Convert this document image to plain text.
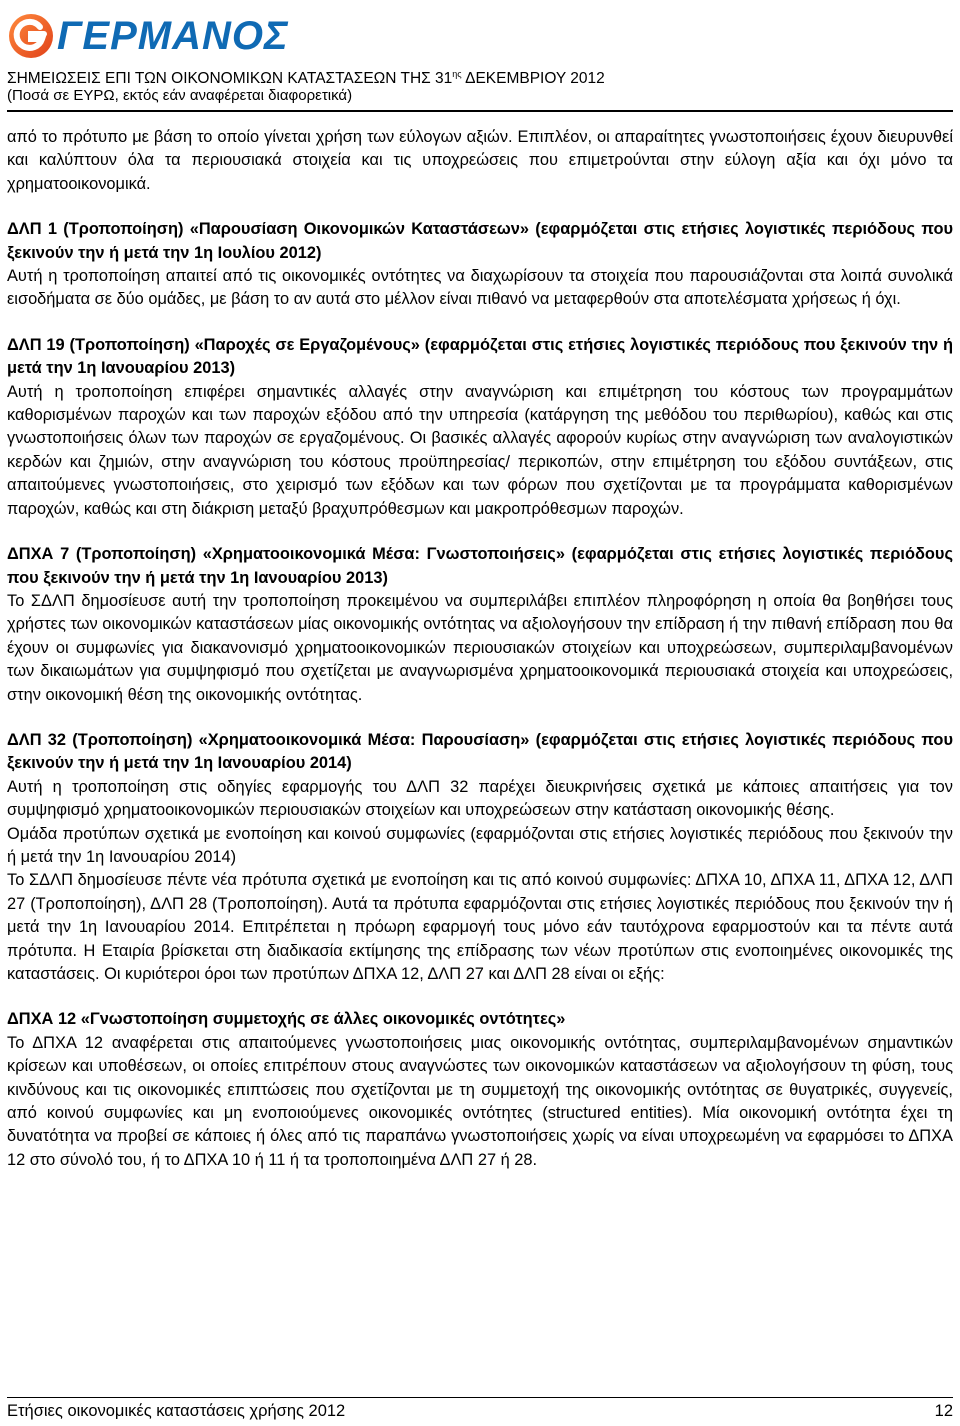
ΓΕΡΜΑΝΟΣ
ΣΗΜΕΙΩΣΕΙΣ ΕΠΙ ΤΩΝ ΟΙΚΟΝΟΜΙΚΩΝ ΚΑΤΑΣΤΑΣΕΩΝ ΤΗΣ $31^{\eta\varsigma}$ ΔΕΚΕΜΒΡΙΟΥ 2012
(Ποσά σε ΕΥΡΩ, εκτός εάν αναφέρεται διαφορετικά)

από το πρότυπο με βάση το οποίο γίνεται χρήση των εύλογων αξιών. Επιπλέον, οι απαραίτητες γνωστοποιήσεις έχουν διευρυνθεί και καλύπτουν όλα τα περιουσιακά στοιχεία και τις υποχρεώσεις που επιμετρούνται στην εύλογη αξία και όχι μόνο τα χρηματοοικονομικά.

ΔΛΠ 1 (Τροποποίηση) «Παρουσίαση Οικονομικών Καταστάσεων» (εφαρμόζεται στις ετήσιες λογιστικές περιόδους που ξεκινούν την ή μετά την 1η Ιουλίου 2012)

Αυτή η τροποποίηση απαιτεί από τις οικονομικές οντότητες να διαχωρίσουν τα στοιχεία που παρουσιάζονται στα λοιπά συνολικά εισοδήματα σε δύο ομάδες, με βάση το αν αυτά στο μέλλον είναι πιθανό να μεταφερθούν στα αποτελέσματα χρήσεως ή όχι.

ΔΛΠ 19 (Τροποποίηση) «Παροχές σε Εργαζομένους» (εφαρμόζεται στις ετήσιες λογιστικές περιόδους που ξεκινούν την ή μετά την 1η Ιανουαρίου 2013)

Αυτή η τροποποίηση επιφέρει σημαντικές αλλαγές στην αναγνώριση και επιμέτρηση του κόστους των προγραμμάτων καθορισμένων παροχών και των παροχών εξόδου από την υπηρεσία (κατάργηση της μεθόδου του περιθωρίου), καθώς και στις γνωστοποιήσεις όλων των παροχών σε εργαζομένους. Οι βασικές αλλαγές αφορούν κυρίως στην αναγνώριση των αναλογιστικών κερδών και ζημιών, στην αναγνώριση του κόστους προϋπηρεσίας/ περικοπών, στην επιμέτρηση του εξόδου συντάξεων, στις απαιτούμενες γνωστοποιήσεις, στο χειρισμό των εξόδων και των φόρων που σχετίζονται με τα προγράμματα καθορισμένων παροχών, καθώς και στη διάκριση μεταξύ βραχυπρόθεσμων και μακροπρόθεσμων παροχών.

ΔΠΧΑ 7 (Τροποποίηση) «Χρηματοοικονομικά Μέσα: Γνωστοποιήσεις» (εφαρμόζεται στις ετήσιες λογιστικές περιόδους που ξεκινούν την ή μετά την 1η Ιανουαρίου 2013)

Το ΣΔΛΠ δημοσίευσε αυτή την τροποποίηση προκειμένου να συμπεριλάβει επιπλέον πληροφόρηση η οποία θα βοηθήσει τους χρήστες των οικονομικών καταστάσεων μίας οικονομικής οντότητας να αξιολογήσουν την επίδραση ή την πιθανή επίδραση που θα έχουν οι συμφωνίες για διακανονισμό χρηματοοικονομικών περιουσιακών στοιχείων και υποχρεώσεων, συμπεριλαμβανομένων των δικαιωμάτων για συμψηφισμό που σχετίζεται με αναγνωρισμένα χρηματοοικονομικά περιουσιακά στοιχεία και υποχρεώσεις, στην οικονομική θέση της οικονομικής οντότητας.

ΔΛΠ 32 (Τροποποίηση) «Χρηματοοικονομικά Μέσα: Παρουσίαση» (εφαρμόζεται στις ετήσιες λογιστικές περιόδους που ξεκινούν την ή μετά την 1η Ιανουαρίου 2014)

Αυτή η τροποποίηση στις οδηγίες εφαρμογής του ΔΛΠ 32 παρέχει διευκρινήσεις σχετικά με κάποιες απαιτήσεις για τον συμψηφισμό χρηματοοικονομικών περιουσιακών στοιχείων και υποχρεώσεων στην κατάσταση οικονομικής θέσης.

Ομάδα προτύπων σχετικά με ενοποίηση και κοινού συμφωνίες (εφαρμόζονται στις ετήσιες λογιστικές περιόδους που ξεκινούν την ή μετά την 1η Ιανουαρίου 2014)

Το ΣΔΛΠ δημοσίευσε πέντε νέα πρότυπα σχετικά με ενοποίηση και τις από κοινού συμφωνίες: ΔΠΧΑ 10, ΔΠΧΑ 11, ΔΠΧΑ 12, ΔΛΠ 27 (Τροποποίηση), ΔΛΠ 28 (Τροποποίηση). Αυτά τα πρότυπα εφαρμόζονται στις ετήσιες λογιστικές περιόδους που ξεκινούν την ή μετά την 1η Ιανουαρίου 2014. Επιτρέπεται η πρόωρη εφαρμογή τους μόνο εάν ταυτόχρονα εφαρμοστούν και τα πέντε αυτά πρότυπα. Η Εταιρία βρίσκεται στη διαδικασία εκτίμησης της επίδρασης των νέων προτύπων στις ενοποιημένες οικονομικές της καταστάσεις. Οι κυριότεροι όροι των προτύπων ΔΠΧΑ 12, ΔΛΠ 27 και ΔΛΠ 28 είναι οι εξής:

ΔΠΧΑ 12 «Γνωστοποίηση συμμετοχής σε άλλες οικονομικές οντότητες»

Το ΔΠΧΑ 12 αναφέρεται στις απαιτούμενες γνωστοποιήσεις μιας οικονομικής οντότητας, συμπεριλαμβανομένων σημαντικών κρίσεων και υποθέσεων, οι οποίες επιτρέπουν στους αναγνώστες των οικονομικών καταστάσεων να αξιολογήσουν τη φύση, τους κινδύνους και τις οικονομικές επιπτώσεις που σχετίζονται με τη συμμετοχή της οικονομικής οντότητας σε θυγατρικές, συγγενείς, από κοινού συμφωνίες και μη ενοποιούμενες οικονομικές οντότητες (structured entities). Μία οικονομική οντότητα έχει τη δυνατότητα να προβεί σε κάποιες ή όλες από τις παραπάνω γνωστοποιήσεις χωρίς να είναι υποχρεωμένη να εφαρμόσει το ΔΠΧΑ 12 στο σύνολό του, ή το ΔΠΧΑ 10 ή 11 ή τα τροποποιημένα ΔΛΠ 27 ή 28.

Ετήσιες οικονομικές καταστάσεις χρήσης 2012	12
